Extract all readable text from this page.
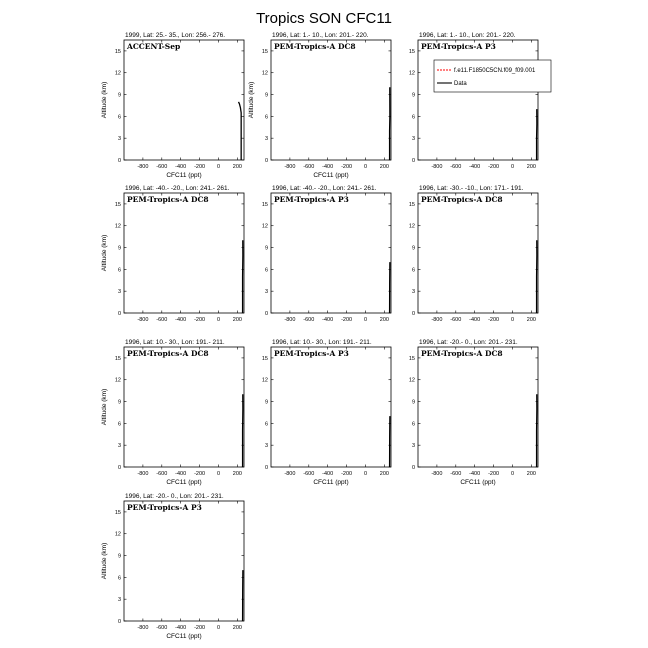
Tropics SON CFC11
1999, Lat: 25.- 35., Lon: 256.- 276.
ACCENT-Sep
-800 -600 -400 -200 0 200
0
3
6
9
12
15
CFC11 (ppt)
Altitude (km)
1996, Lat: 1.- 10., Lon: 201.- 220.
PEM-Tropics-A DC8
-800 -600 -400 -200 0 200
0
3
6
9
12
15
CFC11 (ppt)
Altitude (km)
1996, Lat: 1.- 10., Lon: 201.- 220.
PEM-Tropics-A P3
-800 -600 -400 -200 0 200
0
3
6
9
12
15
f.e11.F1850C5CN.f09_f09.001
Data
1996, Lat: -40.- -20., Lon: 241.- 261.
PEM-Tropics-A DC8
-800 -600 -400 -200 0 200
0
3
6
9
12
15
Altitude (km)
1996, Lat: -40.- -20., Lon: 241.- 261.
PEM-Tropics-A P3
-800 -600 -400 -200 0 200
0
3
6
9
12
15
1996, Lat: -30.- -10., Lon: 171.- 191.
PEM-Tropics-A DC8
-800 -600 -400 -200 0 200
0
3
6
9
12
15
1996, Lat: 10.- 30., Lon: 191.- 211.
PEM-Tropics-A DC8
-800 -600 -400 -200 0 200
0
3
6
9
12
15
CFC11 (ppt)
Altitude (km)
1996, Lat: 10.- 30., Lon: 191.- 211.
PEM-Tropics-A P3
-800 -600 -400 -200 0 200
0
3
6
9
12
15
CFC11 (ppt)
1996, Lat: -20.- 0., Lon: 201.- 231.
PEM-Tropics-A DC8
-800 -600 -400 -200 0 200
0
3
6
9
12
15
CFC11 (ppt)
1996, Lat: -20.- 0., Lon: 201.- 231.
PEM-Tropics-A P3
-800 -600 -400 -200 0 200
0
3
6
9
12
15
CFC11 (ppt)
Altitude (km)
